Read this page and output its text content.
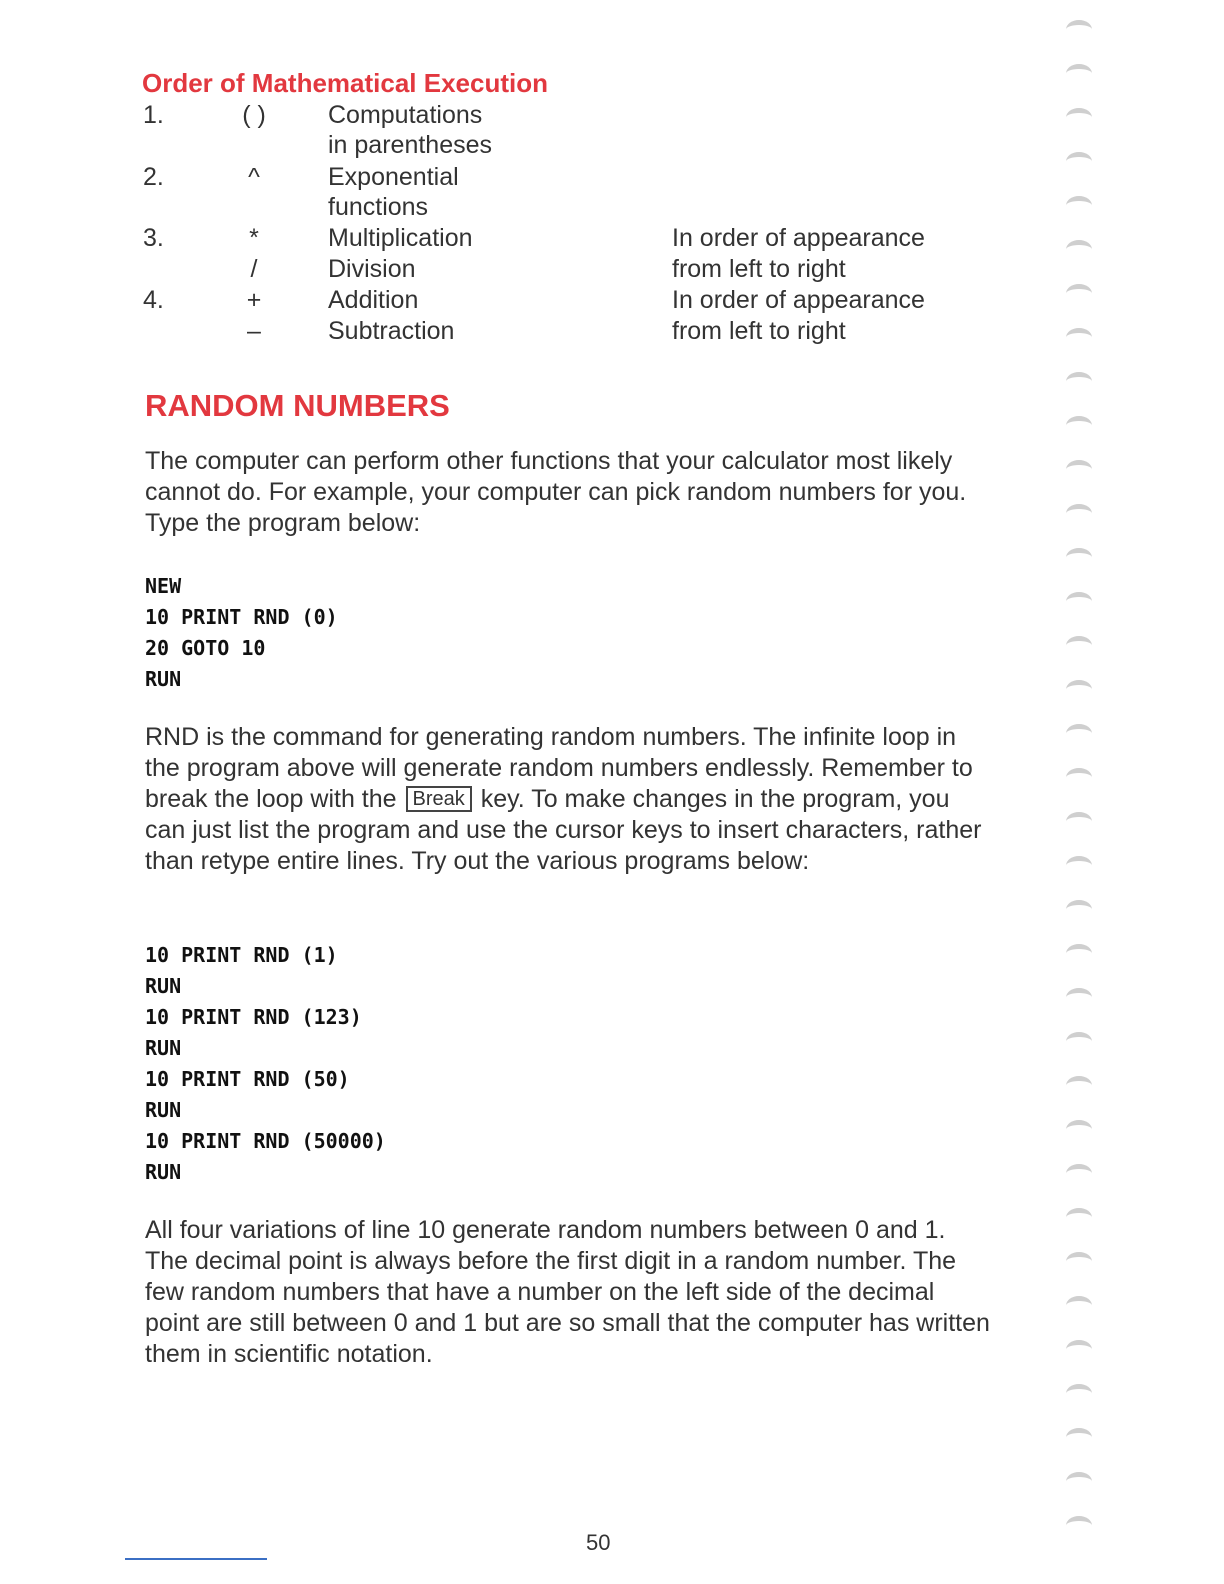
Order of Mathematical Execution
1.	( )	Computations
in parentheses
2.	^	Exponential
functions
3.	*	Multiplication	In order of appearance
/	Division	from left to right
4.	+	Addition	In order of appearance
–	Subtraction	from left to right
RANDOM NUMBERS

The computer can perform other functions that your calculator most likely cannot do. For example, your computer can pick random numbers for you. Type the program below:

NEW
10 PRINT RND (0)
20 GOTO 10
RUN

RND is the command for generating random numbers. The infinite loop in the program above will generate random numbers endlessly. Remember to break the loop with the Break key. To make changes in the program, you can just list the program and use the cursor keys to insert characters, rather than retype entire lines. Try out the various programs below:

10 PRINT RND (1)
RUN
10 PRINT RND (123)
RUN
10 PRINT RND (50)
RUN
10 PRINT RND (50000)
RUN

All four variations of line 10 generate random numbers between 0 and 1. The decimal point is always before the first digit in a random number. The few random numbers that have a number on the left side of the decimal point are still between 0 and 1 but are so small that the computer has written them in scientific notation.

50
